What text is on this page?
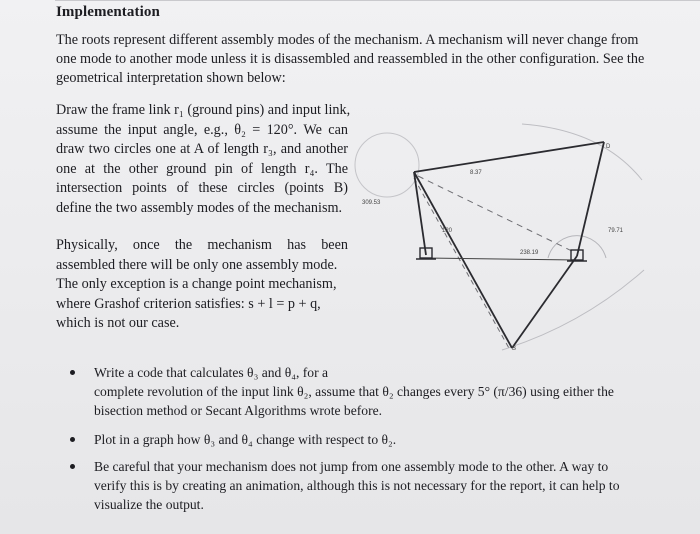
Implementation
The roots represent different assembly modes of the mechanism. A mechanism will never change from
one mode to another mode unless it is disassembled and reassembled in the other configuration. See the
geometrical interpretation shown below:
Draw the frame link r₁ (ground pins) and input link,
assume the input angle, e.g., θ₂ = 120°. We can
draw two circles one at A of length r₃, and another
one at the other ground pin of length r₄. The
intersection points of these circles (points B)
define the two assembly modes of the mechanism.
Physically, once the mechanism has been
assembled there will be only one assembly mode.
The only exception is a change point mechanism,
where Grashof criterion satisfies: s + l = p + q,
which is not our case.
8.37
309.53
120	79.71
238.19
D
B
Write a code that calculates θ₃ and θ₄, for a
complete revolution of the input link θ₂, assume that θ₂ changes every 5° (π/36) using either the
bisection method or Secant Algorithms wrote before.
Plot in a graph how θ₃ and θ₄ change with respect to θ₂.
Be careful that your mechanism does not jump from one assembly mode to the other. A way to
verify this is by creating an animation, although this is not necessary for the report, it can help to
visualize the output.
